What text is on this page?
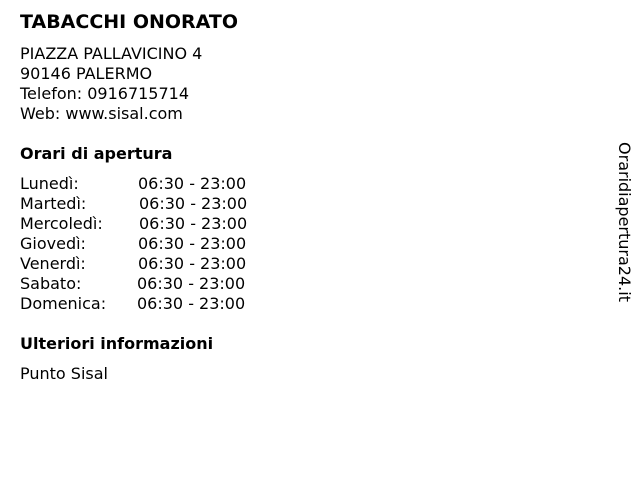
TABACCHI ONORATO
PIAZZA PALLAVICINO 4
90146 PALERMO
Telefon: 0916715714
Web: www.sisal.com
Orari di apertura
Lunedì:	06:30 - 23:00
Martedì:	06:30 - 23:00
Mercoledì: 06:30 - 23:00
Giovedì:	06:30 - 23:00
Venerdì:	06:30 - 23:00
Sabato:	06:30 - 23:00
Domenica: 06:30 - 23:00
Ulteriori informazioni
Punto Sisal
Oraridiapertura24.it
